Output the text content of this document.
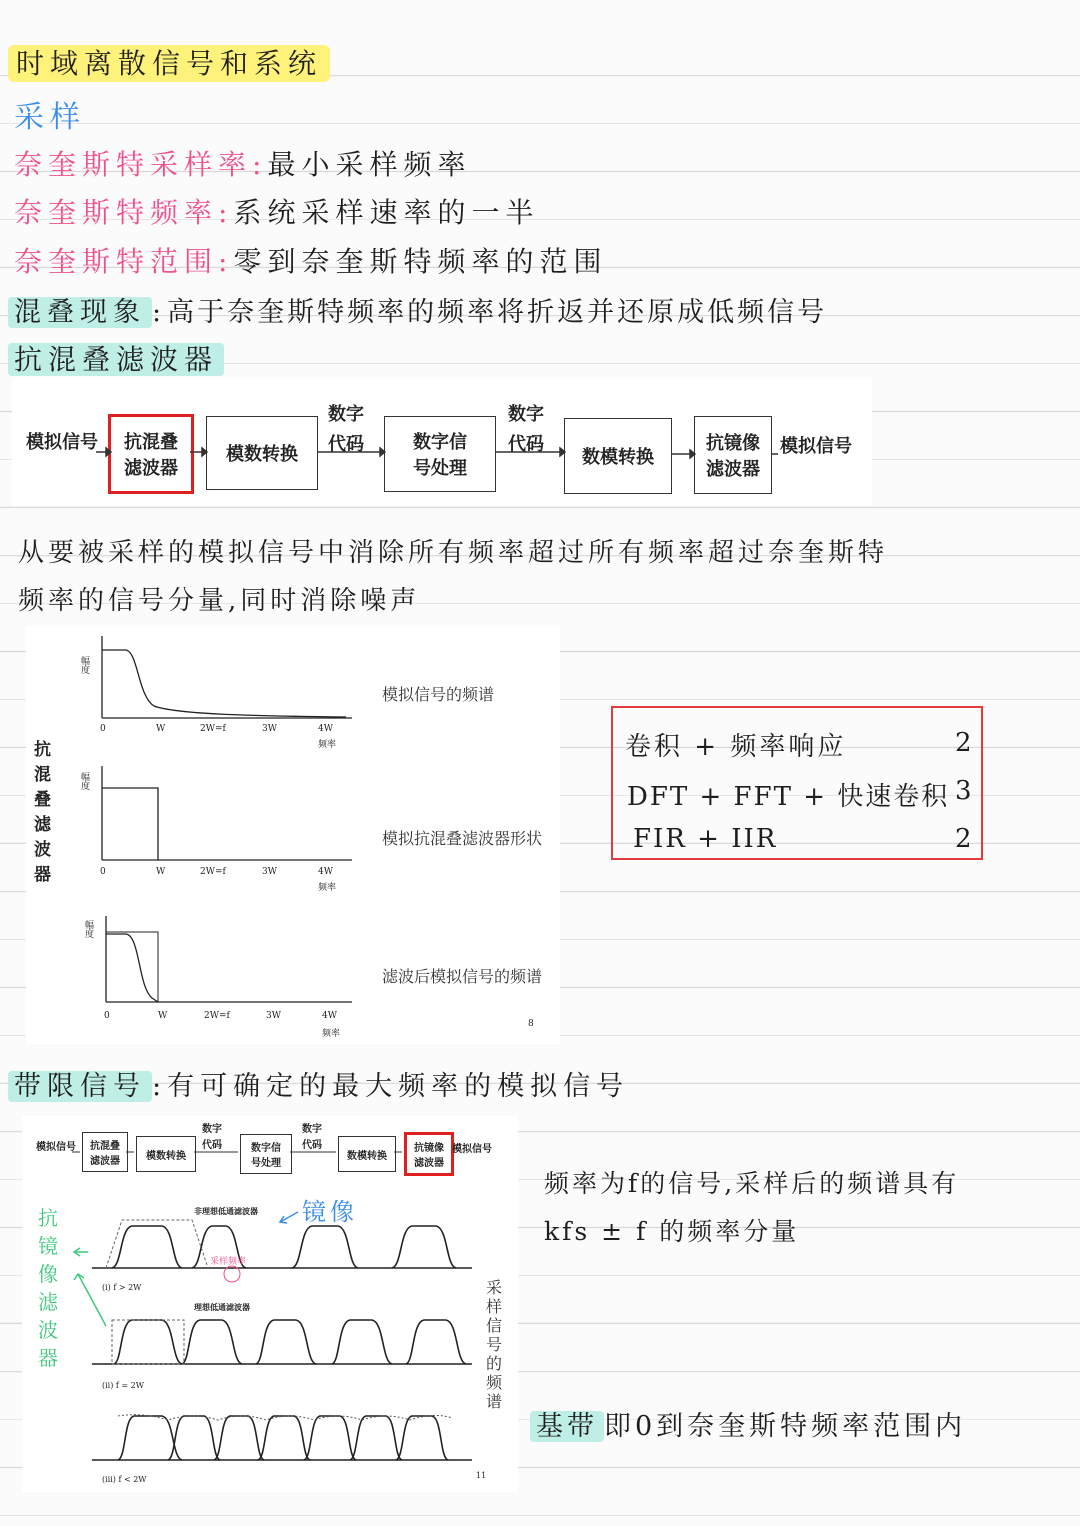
时域离散信号和系统
采样
奈奎斯特采样率:最小采样频率
奈奎斯特频率:系统采样速率的一半
奈奎斯特范围:零到奈奎斯特频率的范围
混叠现象 :高于奈奎斯特频率的频率将折返并还原成低频信号
抗混叠滤波器
模拟信号 抗混叠
滤波器
模数转换
数字
代码	数字信
号处理
数字
代码
数模转换
抗镜像
滤波器
模拟信号
从要被采样的模拟信号中消除所有频率超过所有频率超过奈奎斯特
频率的信号分量,同时消除噪声
抗
混
叠
滤
波
器
幅度
0	W	2W=f	3W	4W
频率
幅度
0	W	2W=f	3W	4W
频率
幅度
0	W	2W=f	3W	4W
频率
8
模拟信号的频谱
模拟抗混叠滤波器形状
滤波后模拟信号的频谱
卷积 + 频率响应	2
DFT + FFT + 快速卷积 3
FIR + IIR	2
带限信号 :有可确定的最大频率的模拟信号
模拟信号 抗混叠
滤波器	模数转换
数字
代码	数字信
号处理
数字
代码
数模转换
抗镜像
滤波器
模拟信号
非理想低通滤波器
理想低通滤波器
(i) f > 2W
(ii) f = 2W
(iii) f < 2W	11
采样频率
镜像
抗
镜
像
滤
波
器
采
样
信
号
的
频
谱
频率为f的信号,采样后的频谱具有
kfs ± f 的频率分量
基带 即0到奈奎斯特频率范围内
